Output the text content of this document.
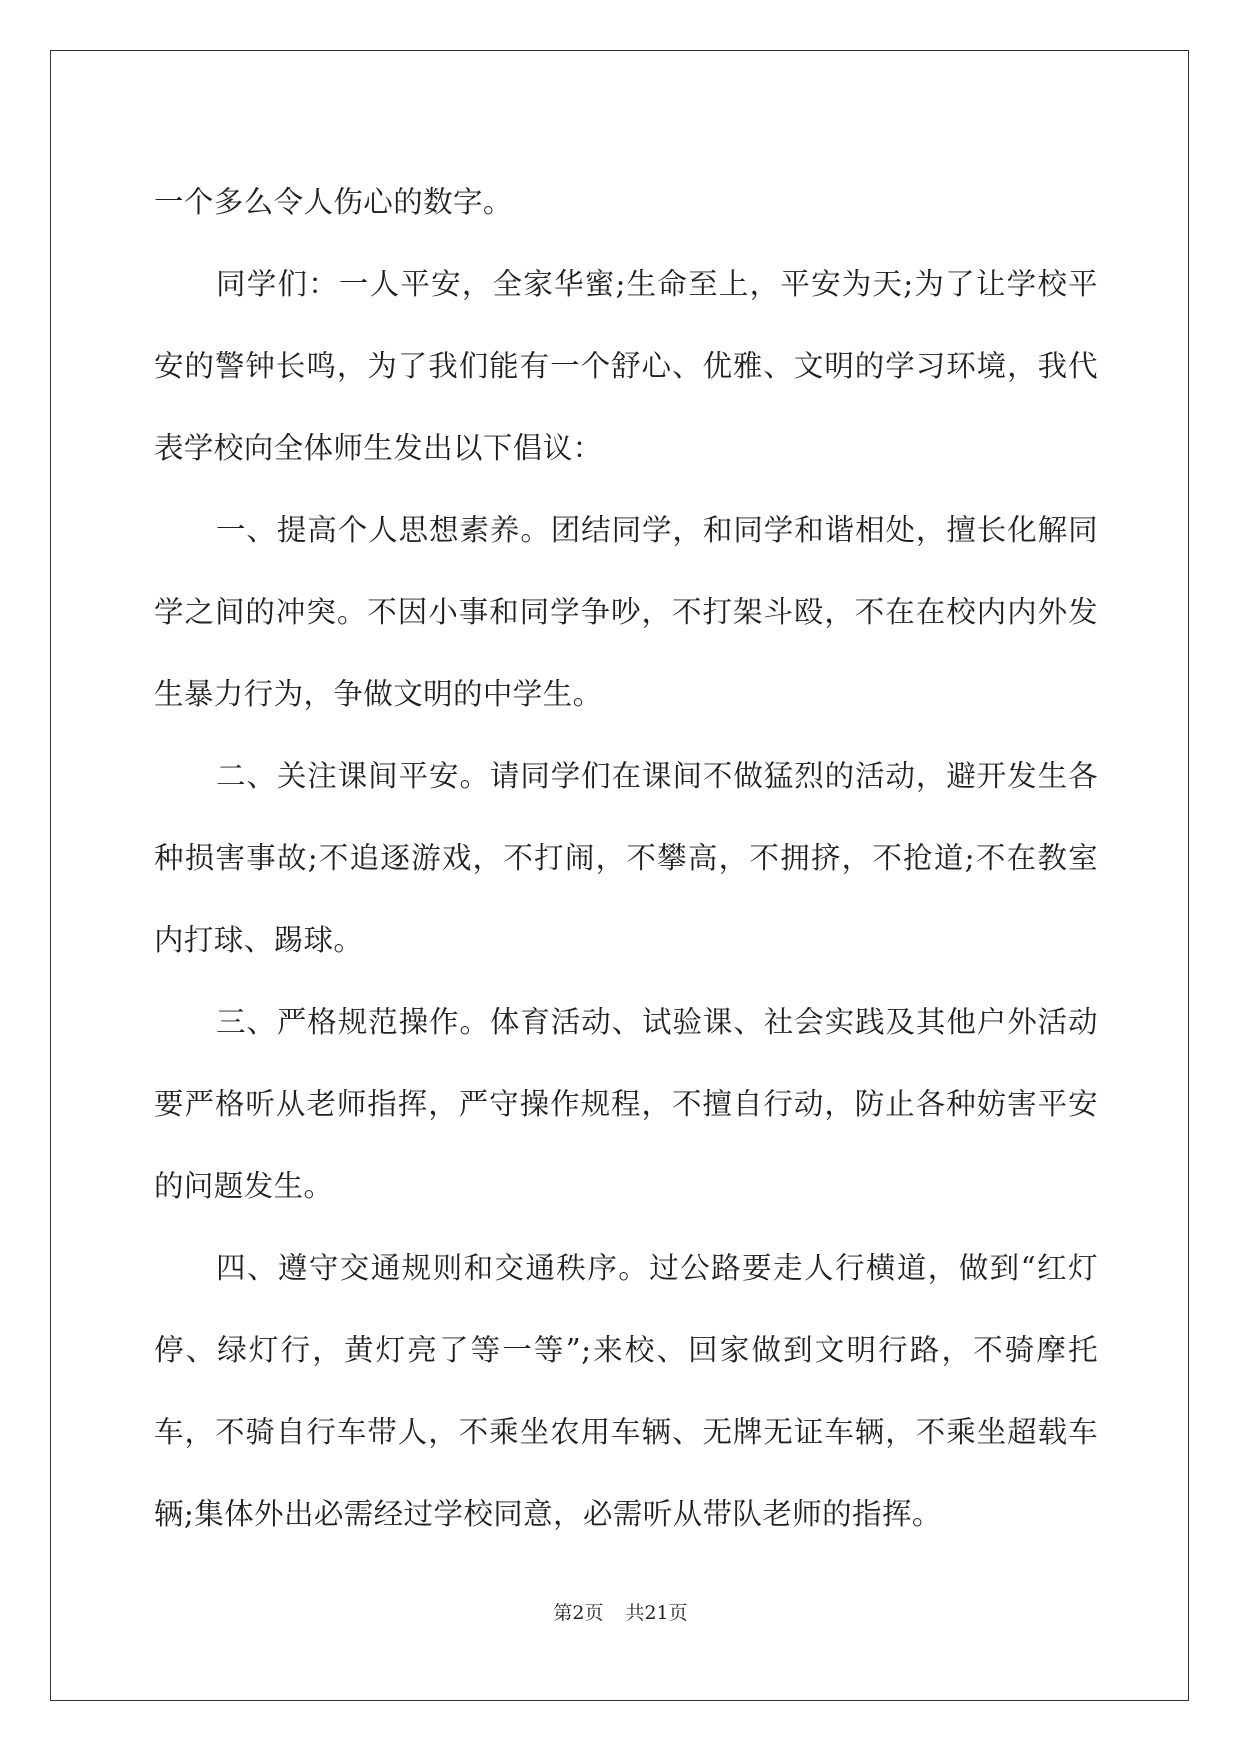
一个多么令人伤心的数字。

同学们：一人平安，全家华蜜;生命至上，平安为天;为了让学校平安的警钟长鸣，为了我们能有一个舒心、优雅、文明的学习环境，我代表学校向全体师生发出以下倡议：

一、提高个人思想素养。团结同学，和同学和谐相处，擅长化解同学之间的冲突。不因小事和同学争吵，不打架斗殴，不在在校内内外发生暴力行为，争做文明的中学生。

二、关注课间平安。请同学们在课间不做猛烈的活动，避开发生各种损害事故;不追逐游戏，不打闹，不攀高，不拥挤，不抢道;不在教室内打球、踢球。

三、严格规范操作。体育活动、试验课、社会实践及其他户外活动要严格听从老师指挥，严守操作规程，不擅自行动，防止各种妨害平安的问题发生。

四、遵守交通规则和交通秩序。过公路要走人行横道，做到“红灯停、绿灯行，黄灯亮了等一等”;来校、回家做到文明行路，不骑摩托车，不骑自行车带人，不乘坐农用车辆、无牌无证车辆，不乘坐超载车辆;集体外出必需经过学校同意，必需听从带队老师的指挥。

第2页 共21页
